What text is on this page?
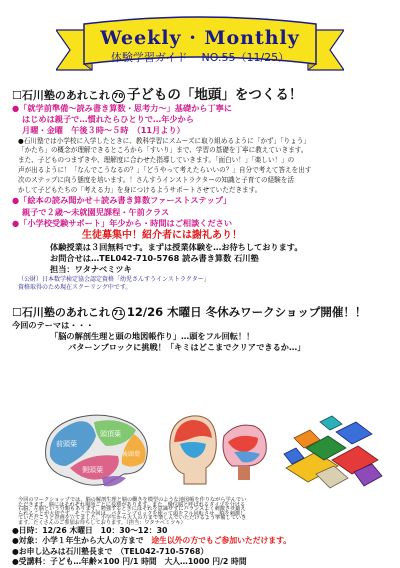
Weekly · Monthly
体験学習ガイド NO.55（11/25）
☐石川塾のあれこれ 70 子どもの「地頭」をつくる！
●「就学前準備～読み書き算数・思考力～」基礎から丁寧に
はじめは親子で…慣れたらひとりで…年少から
月曜・金曜　午後３時～５時　（11月より）
●石川塾では小学校に入学したときに、教科学習にスムーズに取り組めるように「かず」「りょう」
「かたち」の概念が理解できるところから「すいり」まで、学習の基礎を丁寧に教えていきます。
また、子どものつまずきや、理解度に合わせた指導していきます。「面白い！」「楽しい！」の
声が出るように！「なんでこうなるの？」「どうやって考えたらいいの？」自分で考えて答えを出す
次のステップに向う態度を培います。！さんすうインストラクターの知識と子育ての経験を活
かして子どもたちの「考える力」を身につけるようサポートさせていただきます。
●「絵本の読み聞かせ＋読み書き算数ファーストステップ」
親子で２歳～未就園児課程・午前クラス
●「小学校受験サポート」年少から・時間はご相談ください
生徒募集中！紹介者には謝礼あり！
体験授業は３回無料です。まずは授業体験を…お待ちしております。
お問合せは…TEL042-710-5768 読み書き算数 石川塾
担当：ワタナベミツキ
（公財）日本数学検定協会認定資格「幼児さんすうインストラクター」
資格取得のため現在スクーリング中です。
☐石川塾のあれこれ 71 12/26 木曜日 冬休みワークショップ開催！！
今回のテーマは・・・
「脳の解剖生理と頭の地図帳作り」…頭をフル回転！！
パターンブロックに挑戦！「キミはどこまでクリアできるか…」
前頭葉
頭頂葉
後頭葉
側頭葉
今回のワークショップでは、脳の解剖生理と脳の働きを模型のような地図帳を作りながら学んでい
ただきます。脳にはそれぞれ場所ごとに役割があります。また、優位脳と呼ばれるタイプを分ける
右脳、左脳という分類もあります。勉強するときにはそれを意識せずにバランスよく刺激させ鍛え
られることが大切です。そこで今回は、パターンブロックを使って頭をフル回転させ、脳を刺激し
ていただこうと企画を立てました。小学生から大人の方まで楽しんでいただけるよう準備していき
ます。たくさんのご参加お待ちしております。（担当：ワタナベミツキ）
●日時：12/26 木曜日　10：30～12：30
●対象：小学１年生から大人の方まで　 途生以外の方でもご参加いただけます。
●お申し込みは石川塾長まで　（TEL042-710-5768）
●受講料：子ども…年齢×100 円/1 時間　大人…1000 円/2 時間
